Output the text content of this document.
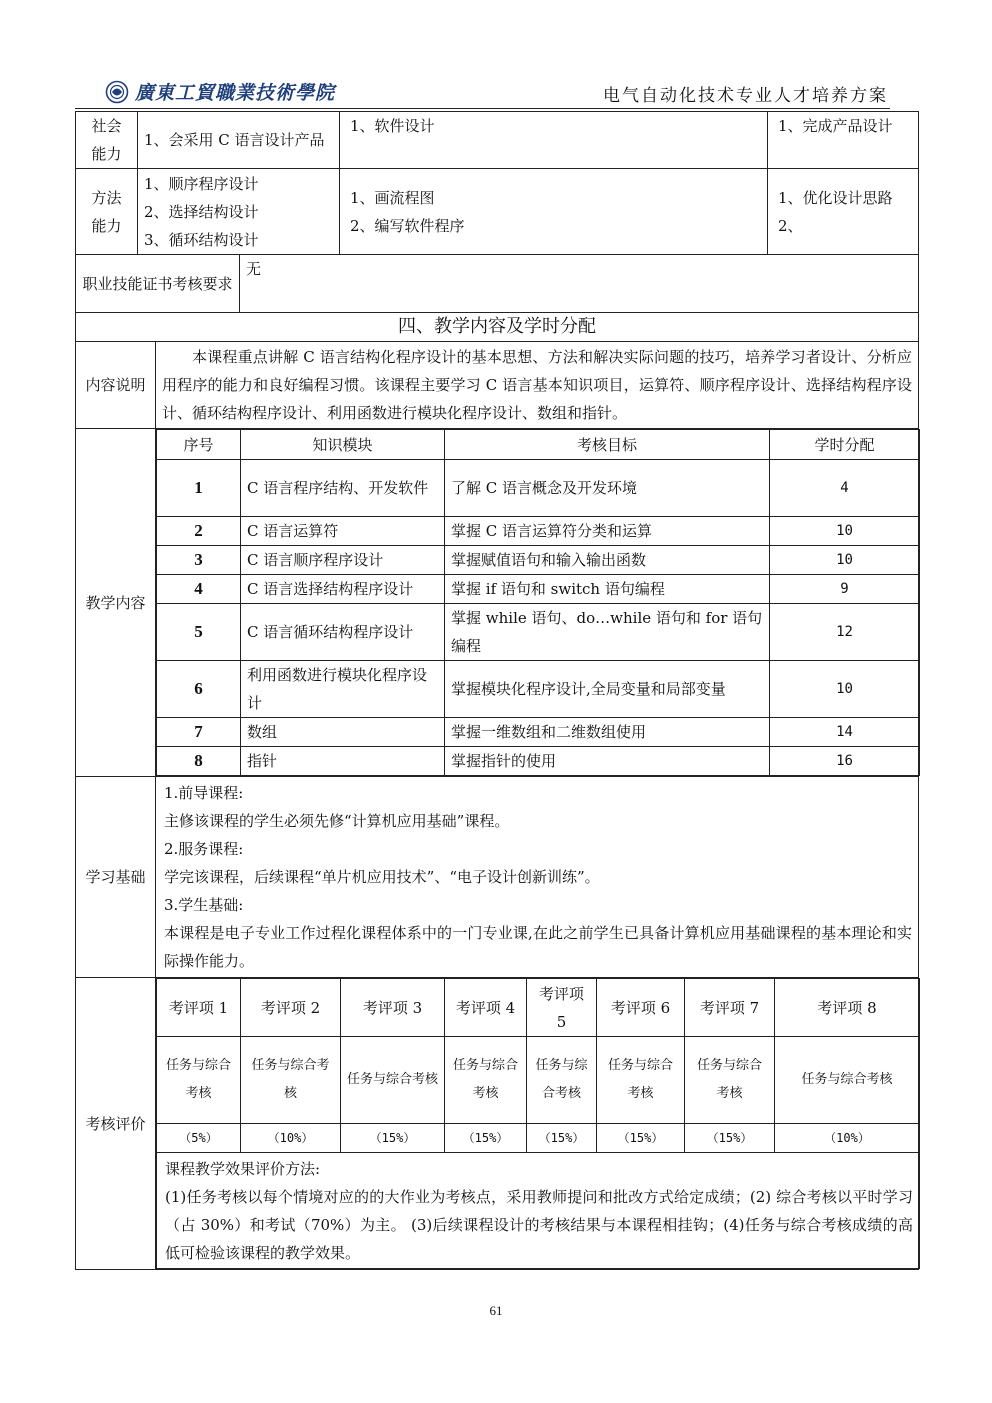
廣東工貿職業技術學院	电气自动化技术专业人才培养方案
社会
能力	1、会采用 C 语言设计产品	1、软件设计	1、完成产品设计
方法
能力	1、顺序程序设计
2、选择结构设计
3、循环结构设计	1、画流程图
2、编写软件程序	1、优化设计思路
2、
职业技能证书考核要求	无
四、教学内容及学时分配
内容说明	本课程重点讲解 C 语言结构化程序设计的基本思想、方法和解决实际问题的技巧，培养学习者设计、分析应用程序的能力和良好编程习惯。该课程主要学习 C 语言基本知识项目，运算符、顺序程序设计、选择结构程序设计、循环结构程序设计、利用函数进行模块化程序设计、数组和指针。
教学内容	
序号	知识模块	考核目标	学时分配
1	C 语言程序结构、开发软件	了解 C 语言概念及开发环境	4
2	C 语言运算符	掌握 C 语言运算符分类和运算	10
3	C 语言顺序程序设计	掌握赋值语句和输入输出函数	10
4	C 语言选择结构程序设计	掌握 if 语句和 switch 语句编程	9
5	C 语言循环结构程序设计	掌握 while 语句、do…while 语句和 for 语句编程	12
6	利用函数进行模块化程序设计	掌握模块化程序设计,全局变量和局部变量	10
7	数组	掌握一维数组和二维数组使用	14
8	指针	掌握指针的使用	16

学习基础	
1.前导课程:
主修该课程的学生必须先修“计算机应用基础”课程。
2.服务课程:
学完该课程，后续课程“单片机应用技术”、“电子设计创新训练”。
3.学生基础:
本课程是电子专业工作过程化课程体系中的一门专业课,在此之前学生已具备计算机应用基础课程的基本理论和实际操作能力。

考核评价	
考评项 1	考评项 2	考评项 3	考评项 4	考评项 5	考评项 6	考评项 7	考评项 8
任务与综合考核	任务与综合考核	任务与综合考核	任务与综合考核	任务与综合考核	任务与综合考核	任务与综合考核	任务与综合考核
（5%）	（10%）	（15%）	（15%）	（15%）	（15%）	（15%）	（10%）

课程教学效果评价方法:
(1)任务考核以每个情境对应的的大作业为考核点，采用教师提问和批改方式给定成绩；(2) 综合考核以平时学习（占 30%）和考试（70%）为主。 (3)后续课程设计的考核结果与本课程相挂钩；(4)任务与综合考核成绩的高低可检验该课程的教学效果。
61
